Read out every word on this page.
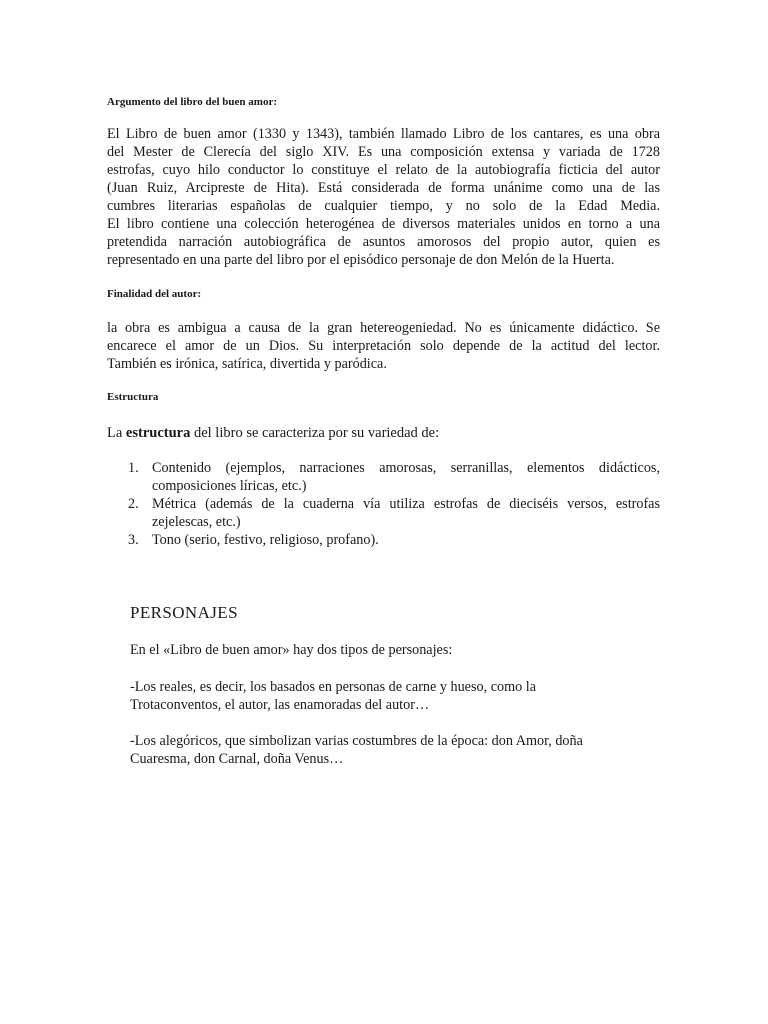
Argumento del libro del buen amor:
El Libro de buen amor (1330 y 1343), también llamado Libro de los cantares, es una obra
del Mester de Clerecía del siglo XIV. Es una composición extensa y variada de 1728
estrofas, cuyo hilo conductor lo constituye el relato de la autobiografía ficticia del autor
(Juan Ruiz, Arcipreste de Hita). Está considerada de forma unánime como una de las
cumbres literarias españolas de cualquier tiempo, y no solo de la Edad Media.
El libro contiene una colección heterogénea de diversos materiales unidos en torno a una
pretendida narración autobiográfica de asuntos amorosos del propio autor, quien es
representado en una parte del libro por el episódico personaje de don Melón de la Huerta.
Finalidad del autor:
la obra es ambigua a causa de la gran hetereogeniedad. No es únicamente didáctico. Se
encarece el amor de un Dios. Su interpretación solo depende de la actitud del lector.
También es irónica, satírica, divertida y paródica.
Estructura
La estructura del libro se caracteriza por su variedad de:
1. Contenido (ejemplos, narraciones amorosas, serranillas, elementos didácticos,
composiciones líricas, etc.)
2. Métrica (además de la cuaderna vía utiliza estrofas de dieciséis versos, estrofas
zejelescas, etc.)
3. Tono (serio, festivo, religioso, profano).
PERSONAJES
En el «Libro de buen amor» hay dos tipos de personajes:
-Los reales, es decir, los basados en personas de carne y hueso, como la
Trotaconventos, el autor, las enamoradas del autor…
-Los alegóricos, que simbolizan varias costumbres de la época: don Amor, doña
Cuaresma, don Carnal, doña Venus…
